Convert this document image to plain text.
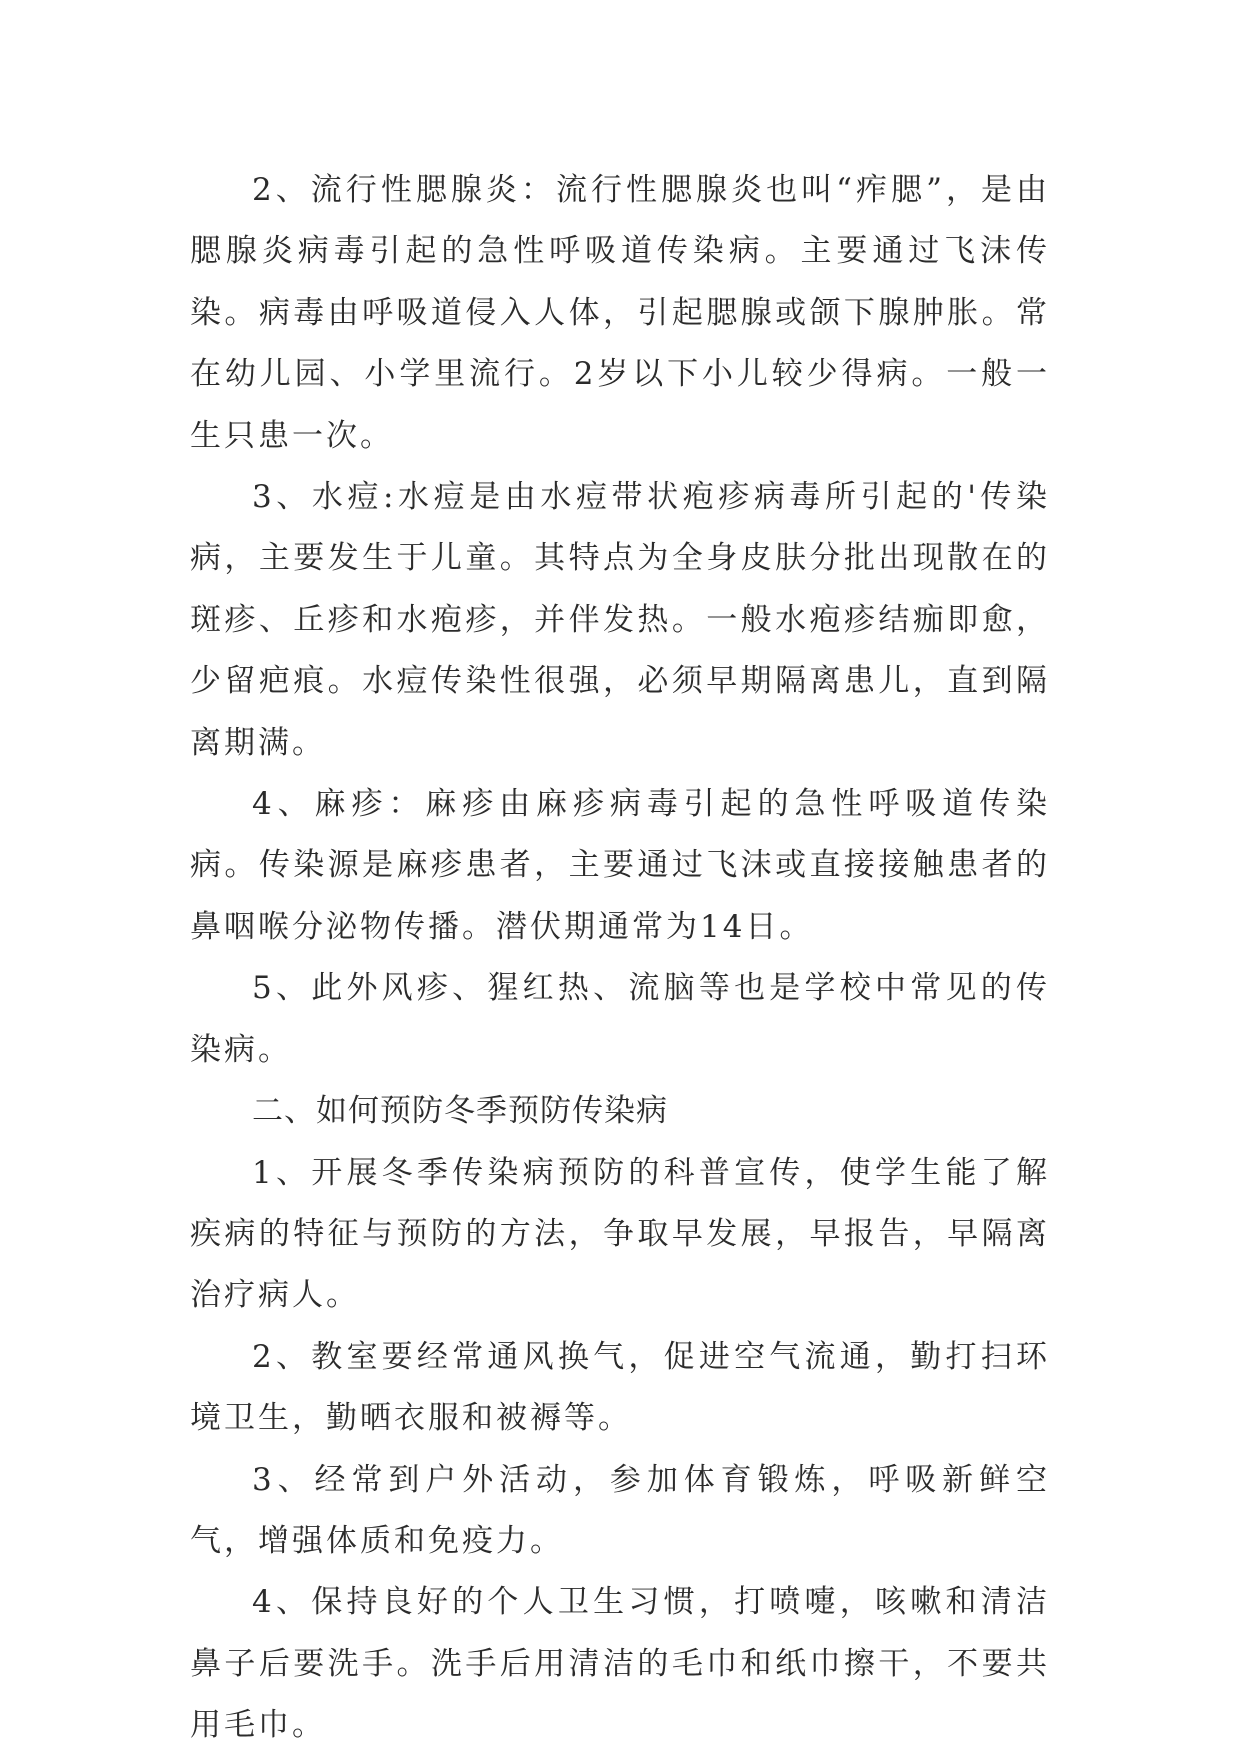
2、流行性腮腺炎：流行性腮腺炎也叫“痄腮”，是由腮腺炎病毒引起的急性呼吸道传染病。主要通过飞沫传染。病毒由呼吸道侵入人体，引起腮腺或颌下腺肿胀。常在幼儿园、小学里流行。2岁以下小儿较少得病。一般一生只患一次。

3、水痘:水痘是由水痘带状疱疹病毒所引起的'传染病，主要发生于儿童。其特点为全身皮肤分批出现散在的斑疹、丘疹和水疱疹，并伴发热。一般水疱疹结痂即愈，少留疤痕。水痘传染性很强，必须早期隔离患儿，直到隔离期满。

4、麻疹：麻疹由麻疹病毒引起的急性呼吸道传染病。传染源是麻疹患者，主要通过飞沫或直接接触患者的鼻咽喉分泌物传播。潜伏期通常为14日。

5、此外风疹、猩红热、流脑等也是学校中常见的传染病。

二、如何预防冬季预防传染病

1、开展冬季传染病预防的科普宣传，使学生能了解疾病的特征与预防的方法，争取早发展，早报告，早隔离治疗病人。

2、教室要经常通风换气，促进空气流通，勤打扫环境卫生，勤晒衣服和被褥等。

3、经常到户外活动，参加体育锻炼，呼吸新鲜空气，增强体质和免疫力。

4、保持良好的个人卫生习惯，打喷嚏，咳嗽和清洁鼻子后要洗手。洗手后用清洁的毛巾和纸巾擦干，不要共用毛巾。
